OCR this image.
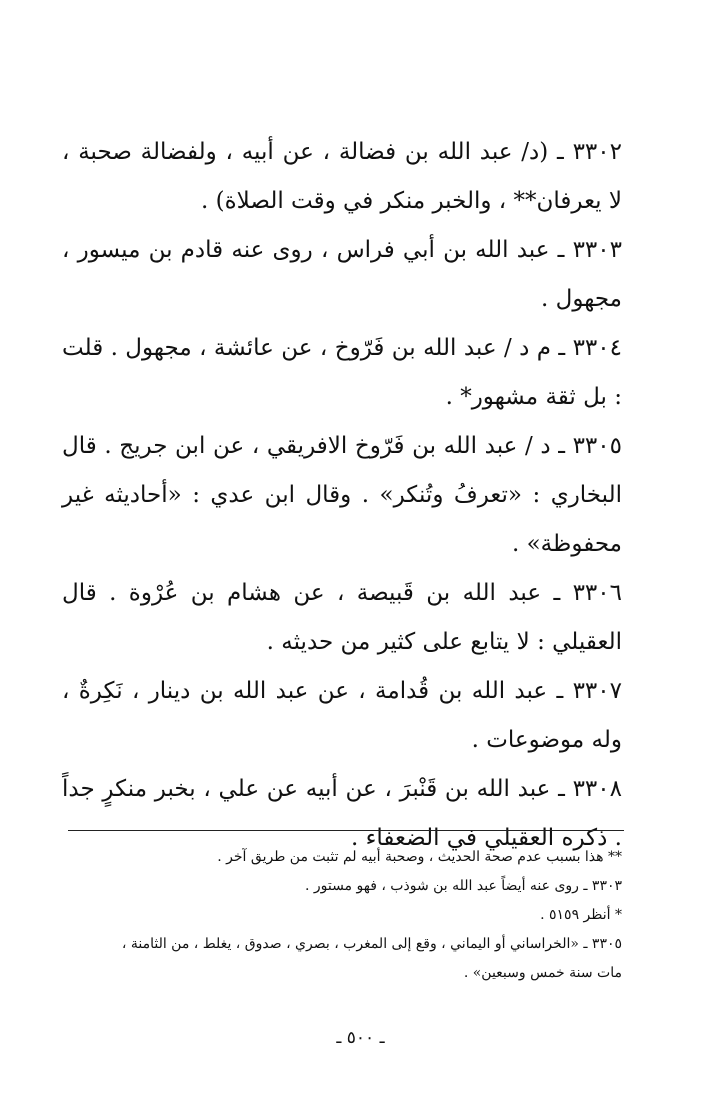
٣٣٠٢ ـ (د/ عبد الله بن فضالة ، عن أبيه ، ولفضالة صحبة ، لا يعرفان** ، والخبر منكر في وقت الصلاة) .

٣٣٠٣ ـ عبد الله بن أبي فراس ، روى عنه قادم بن ميسور ، مجهول .

٣٣٠٤ ـ م د / عبد الله بن فَرّوخ ، عن عائشة ، مجهول . قلت : بل ثقة مشهور* .

٣٣٠٥ ـ د / عبد الله بن فَرّوخ الافريقي ، عن ابن جريج . قال البخاري : «تعرفُ وتُنكر» . وقال ابن عدي : «أحاديثه غير محفوظة» .

٣٣٠٦ ـ عبد الله بن قَبيصة ، عن هشام بن عُرْوة . قال العقيلي : لا يتابع على كثير من حديثه .

٣٣٠٧ ـ عبد الله بن قُدامة ، عن عبد الله بن دينار ، نَكِرةٌ ، وله موضوعات .

٣٣٠٨ ـ عبد الله بن قَنْبرَ ، عن أبيه عن علي ، بخبر منكرٍ جداً . ذكره العقيلي في الضعفاء .

** هذا بسبب عدم صحة الحديث ، وصحبة أبيه لم تثبت من طريق آخر .

٣٣٠٣ ـ روى عنه أيضاً عبد الله بن شوذب ، فهو مستور .

* أنظر ٥١٥٩ .

٣٣٠٥ ـ «الخراساني أو اليماني ، وقع إلى المغرب ، بصري ، صدوق ، يغلط ، من الثامنة ، مات سنة خمس وسبعين» .

ـ ٥٠٠ ـ
